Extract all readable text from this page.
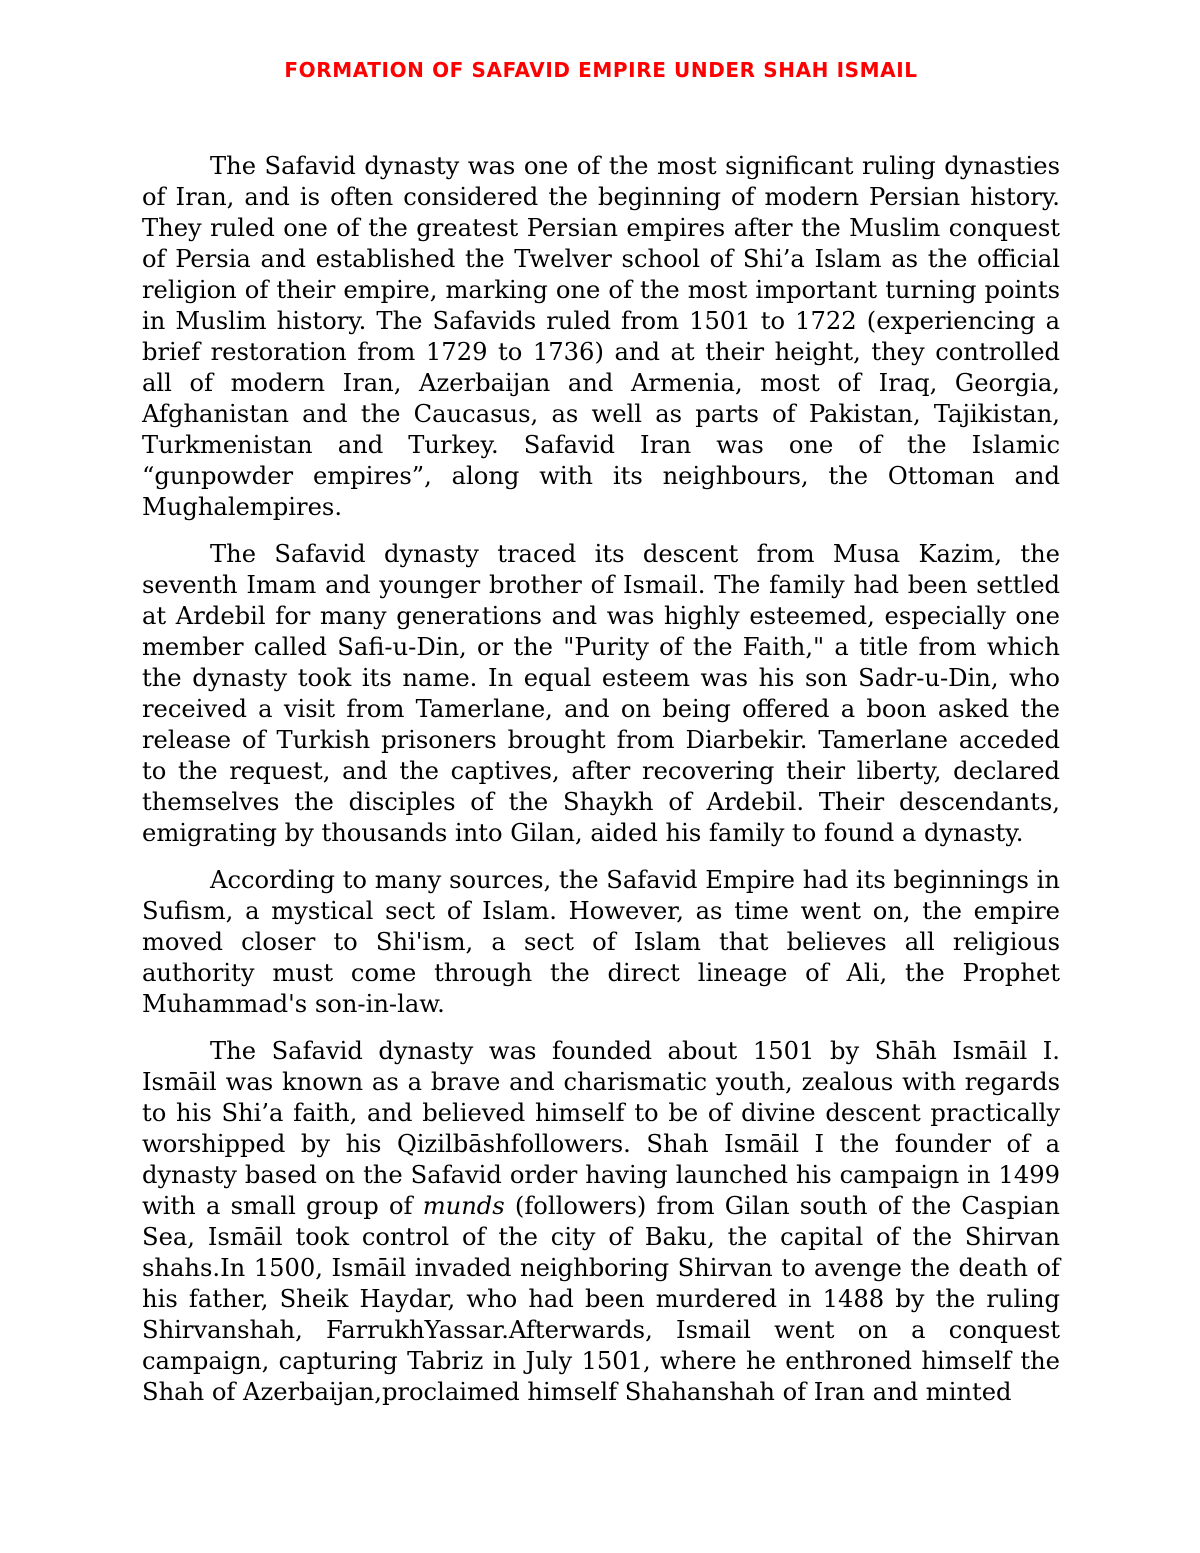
FORMATION OF SAFAVID EMPIRE UNDER SHAH ISMAIL

The Safavid dynasty was one of the most significant ruling dynasties of Iran, and is often considered the beginning of modern Persian history. They ruled one of the greatest Persian empires after the Muslim conquest of Persia and established the Twelver school of Shi’a Islam as the official religion of their empire, marking one of the most important turning points in Muslim history. The Safavids ruled from 1501 to 1722 (experiencing a brief restoration from 1729 to 1736) and at their height, they controlled all of modern Iran, Azerbaijan and Armenia, most of Iraq, Georgia, Afghanistan and the Caucasus, as well as parts of Pakistan, Tajikistan, Turkmenistan and Turkey. Safavid Iran was one of the Islamic “gunpowder empires”, along with its neighbours, the Ottoman and Mughalempires.

The Safavid dynasty traced its descent from Musa Kazim, the seventh Imam and younger brother of Ismail. The family had been settled at Ardebil for many generations and was highly esteemed, especially one member called Safi-u-Din, or the "Purity of the Faith," a title from which the dynasty took its name. In equal esteem was his son Sadr-u-Din, who received a visit from Tamerlane, and on being offered a boon asked the release of Turkish prisoners brought from Diarbekir. Tamerlane acceded to the request, and the captives, after recovering their liberty, declared themselves the disciples of the Shaykh of Ardebil. Their descendants, emigrating by thousands into Gilan, aided his family to found a dynasty.

According to many sources, the Safavid Empire had its beginnings in Sufism, a mystical sect of Islam. However, as time went on, the empire moved closer to Shi'ism, a sect of Islam that believes all religious authority must come through the direct lineage of Ali, the Prophet Muhammad's son-in-law.

The Safavid dynasty was founded about 1501 by Shāh Ismāil I. Ismāil was known as a brave and charismatic youth, zealous with regards to his Shi’a faith, and believed himself to be of divine descent practically worshipped by his Qizilbāshfollowers. Shah Ismāil I the founder of a dynasty based on the Safavid order having launched his campaign in 1499 with a small group of munds (followers) from Gilan south of the Caspian Sea, Ismāil took control of the city of Baku, the capital of the Shirvan shahs.In 1500, Ismāil invaded neighboring Shirvan to avenge the death of his father, Sheik Haydar, who had been murdered in 1488 by the ruling Shirvanshah, FarrukhYassar.Afterwards, Ismail went on a conquest campaign, capturing Tabriz in July 1501, where he enthroned himself the Shah of Azerbaijan,proclaimed himself Shahanshah of Iran and minted
